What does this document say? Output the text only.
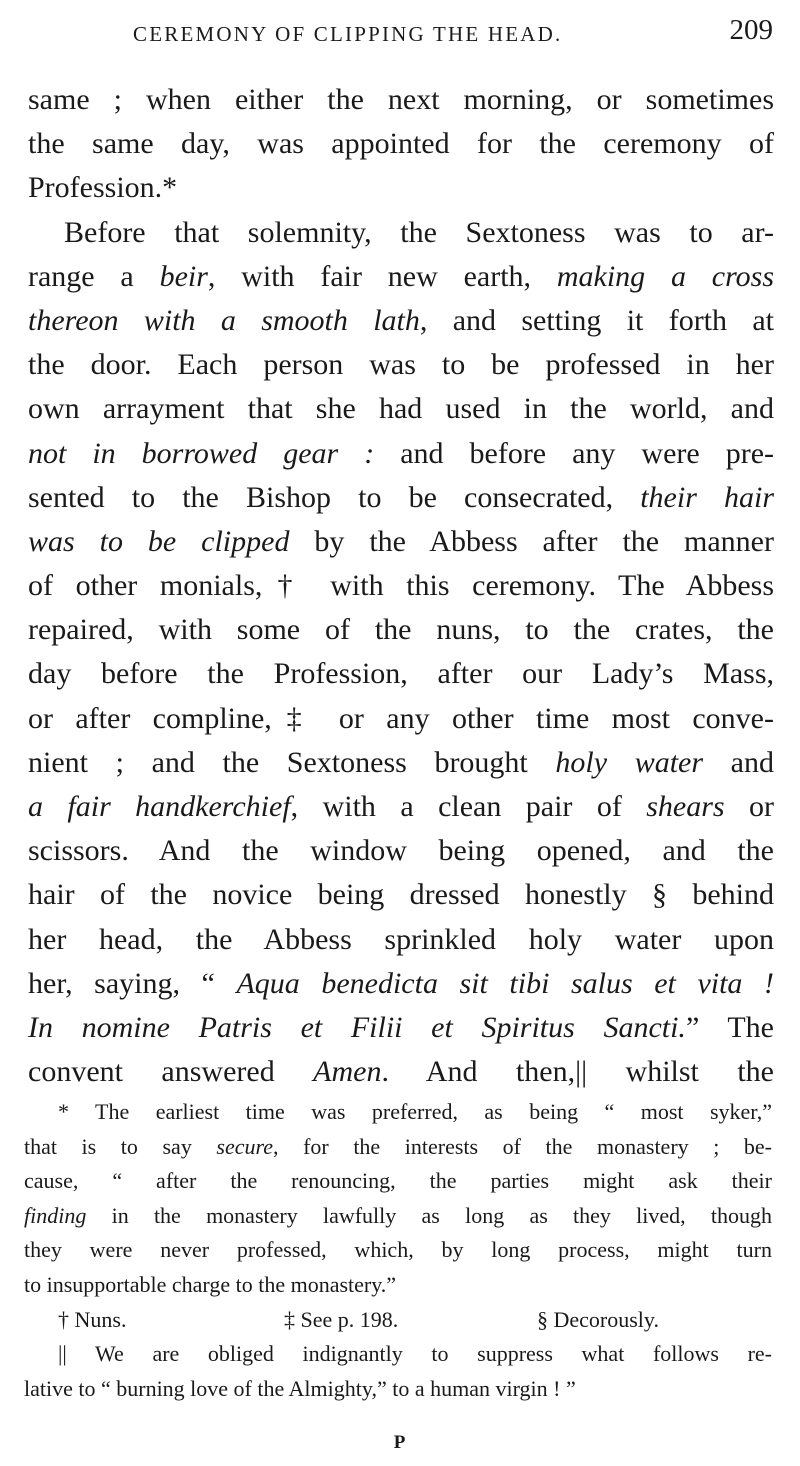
CEREMONY OF CLIPPING THE HEAD.	209
same ; when either the next morning, or sometimes
the same day, was appointed for the ceremony of
Profession.*
Before that solemnity, the Sextoness was to ar-
range a beir, with fair new earth, making a cross
thereon with a smooth lath, and setting it forth at
the door. Each person was to be professed in her
own arrayment that she had used in the world, and
not in borrowed gear : and before any were pre-
sented to the Bishop to be consecrated, their hair
was to be clipped by the Abbess after the manner
of other monials,† with this ceremony. The Abbess
repaired, with some of the nuns, to the crates, the
day before the Profession, after our Lady’s Mass,
or after compline,‡ or any other time most conve-
nient ; and the Sextoness brought holy water and
a fair handkerchief, with a clean pair of shears or
scissors. And the window being opened, and the
hair of the novice being dressed honestly § behind
her head, the Abbess sprinkled holy water upon
her, saying, “ Aqua benedicta sit tibi salus et vita !
In nomine Patris et Filii et Spiritus Sancti.” The
convent answered Amen. And then,|| whilst the
* The earliest time was preferred, as being “ most syker,”
that is to say secure, for the interests of the monastery ; be-
cause, “ after the renouncing, the parties might ask their
finding in the monastery lawfully as long as they lived, though
they were never professed, which, by long process, might turn
to insupportable charge to the monastery.”
† Nuns.	‡ See p. 198.	§ Decorously.
|| We are obliged indignantly to suppress what follows re-
lative to “ burning love of the Almighty,” to a human virgin ! ”
P
